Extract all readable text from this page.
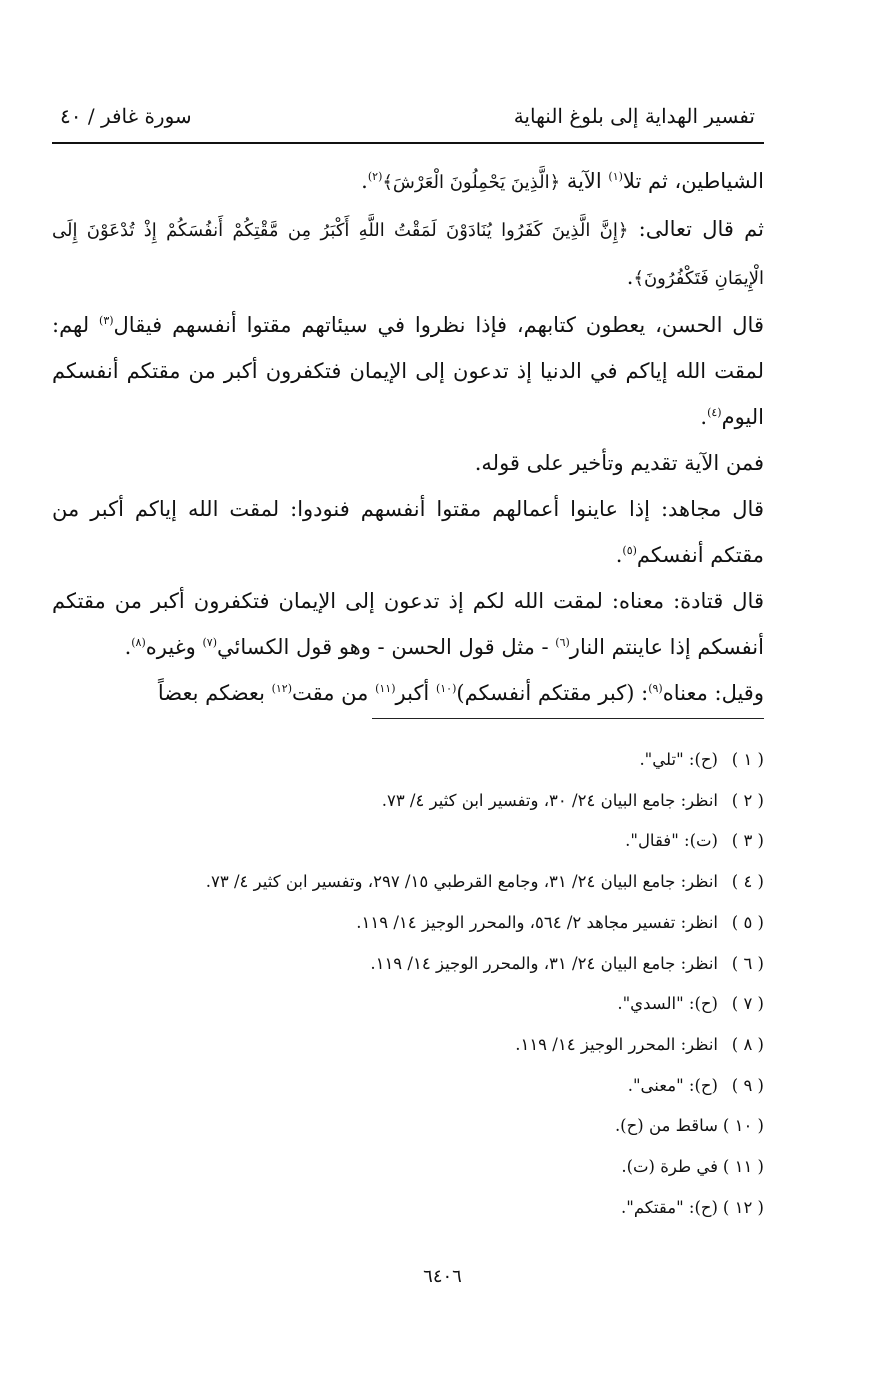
تفسير الهداية إلى بلوغ النهاية
سورة غافر / ٤٠

الشياطين، ثم تلا$^{(١)}$ الآية ﴿الَّذِينَ يَحْمِلُونَ الْعَرْشَ﴾$^{(٢)}$.

ثم قال تعالى: ﴿إِنَّ الَّذِينَ كَفَرُوا يُنَادَوْنَ لَمَقْتُ اللَّهِ أَكْبَرُ مِن مَّقْتِكُمْ أَنفُسَكُمْ إِذْ تُدْعَوْنَ إِلَى الْإِيمَانِ فَتَكْفُرُونَ﴾.

قال الحسن، يعطون كتابهم، فإذا نظروا في سيئاتهم مقتوا أنفسهم فيقال$^{(٣)}$ لهم: لمقت الله إياكم في الدنيا إذ تدعون إلى الإيمان فتكفرون أكبر من مقتكم أنفسكم اليوم$^{(٤)}$.

فمن الآية تقديم وتأخير على قوله.

قال مجاهد: إذا عاينوا أعمالهم مقتوا أنفسهم فنودوا: لمقت الله إياكم أكبر من مقتكم أنفسكم$^{(٥)}$.

قال قتادة: معناه: لمقت الله لكم إذ تدعون إلى الإيمان فتكفرون أكبر من مقتكم أنفسكم إذا عاينتم النار$^{(٦)}$ - مثل قول الحسن - وهو قول الكسائي$^{(٧)}$ وغيره$^{(٨)}$.

وقيل: معناه$^{(٩)}$: (كبر مقتكم أنفسكم)$^{(١٠)}$ أكبر$^{(١١)}$ من مقت$^{(١٢)}$ بعضكم بعضاً

( ١ )(ح): "تلي".
( ٢ )انظر: جامع البيان ٢٤/ ٣٠، وتفسير ابن كثير ٤/ ٧٣.
( ٣ )(ت): "فقال".
( ٤ )انظر: جامع البيان ٢٤/ ٣١، وجامع القرطبي ١٥/ ٢٩٧، وتفسير ابن كثير ٤/ ٧٣.
( ٥ )انظر: تفسير مجاهد ٢/ ٥٦٤، والمحرر الوجيز ١٤/ ١١٩.
( ٦ )انظر: جامع البيان ٢٤/ ٣١، والمحرر الوجيز ١٤/ ١١٩.
( ٧ )(ح): "السدي".
( ٨ )انظر: المحرر الوجيز ١٤/ ١١٩.
( ٩ )(ح): "معنى".
( ١٠ )ساقط من (ح).
( ١١ )في طرة (ت).
( ١٢ )(ح): "مقتكم".
٦٤٠٦
